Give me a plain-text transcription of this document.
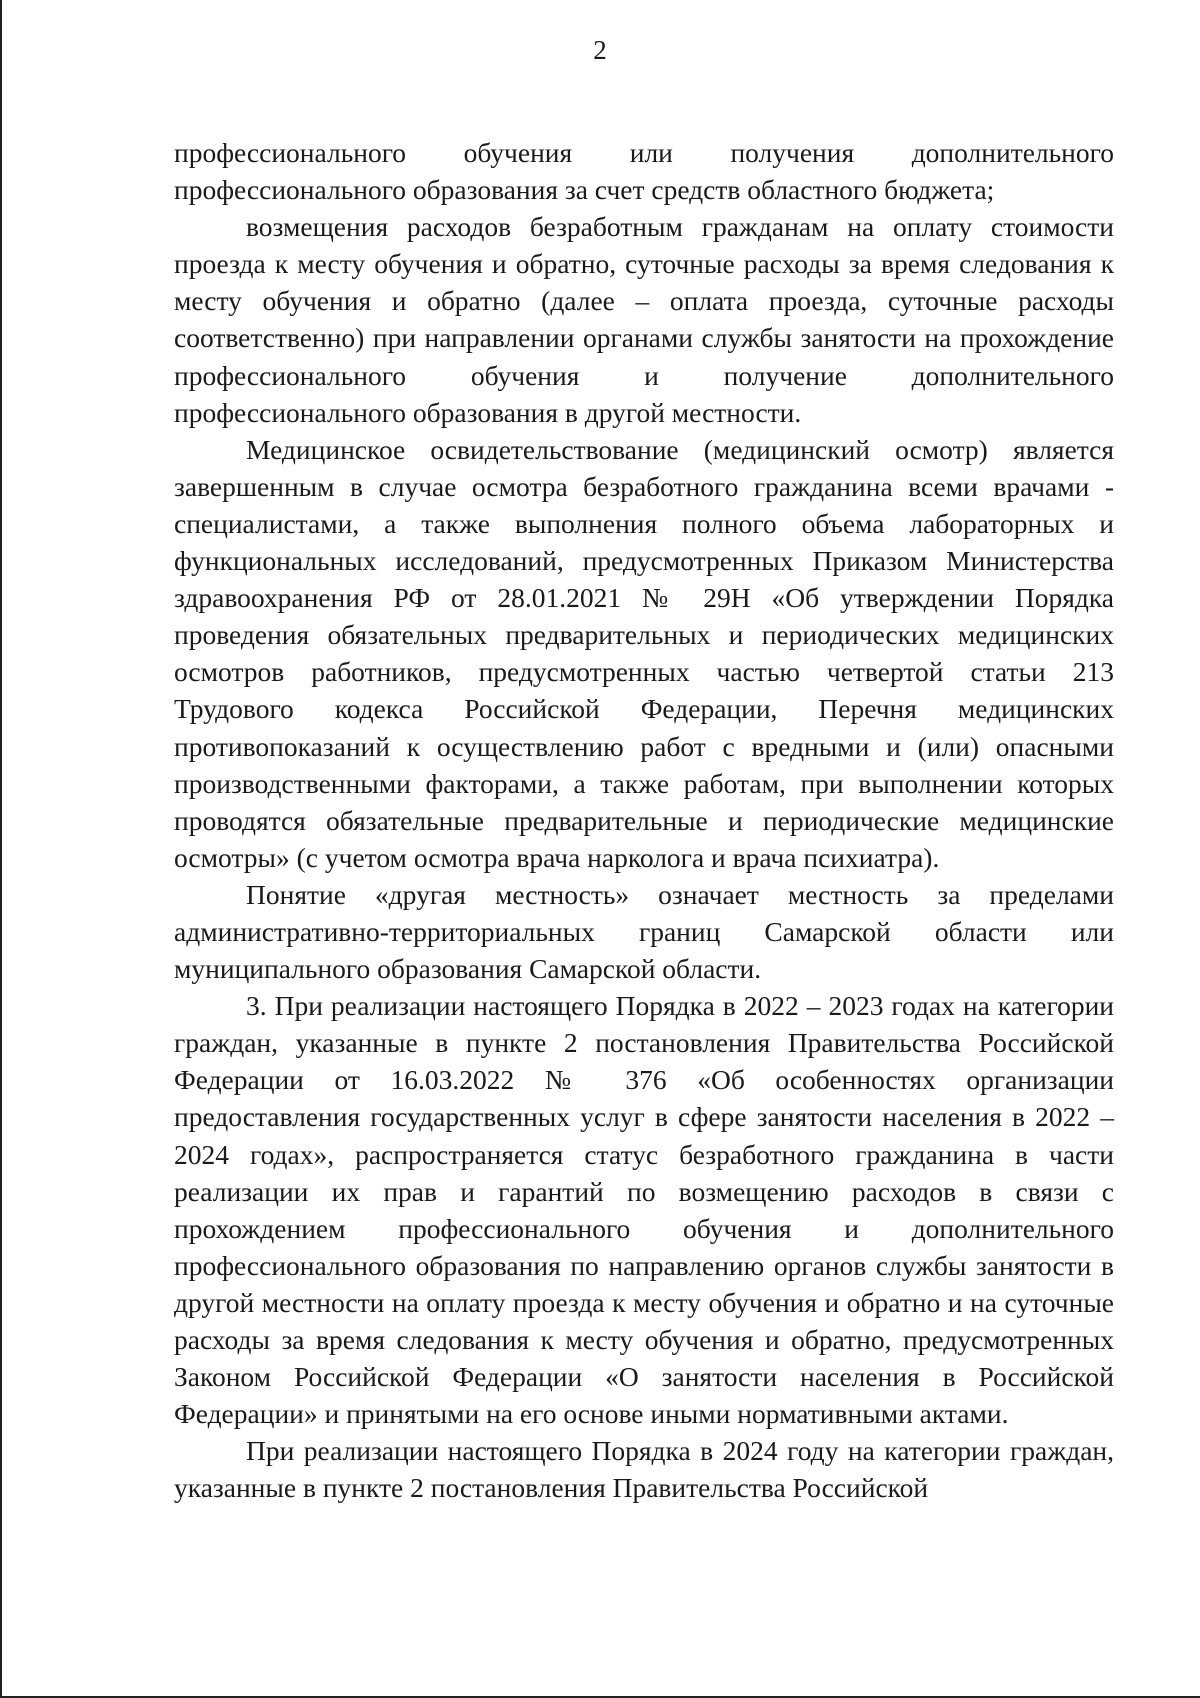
2

профессионального обучения или получения дополнительного профессионального образования за счет средств областного бюджета;

возмещения расходов безработным гражданам на оплату стоимости проезда к месту обучения и обратно, суточные расходы за время следования к месту обучения и обратно (далее – оплата проезда, суточные расходы соответственно) при направлении органами службы занятости на прохождение профессионального обучения и получение дополнительного профессионального образования в другой местности.

Медицинское освидетельствование (медицинский осмотр) является завершенным в случае осмотра безработного гражданина всеми врачами - специалистами, а также выполнения полного объема лабораторных и функциональных исследований, предусмотренных Приказом Министерства здравоохранения РФ от 28.01.2021 № 29Н «Об утверждении Порядка проведения обязательных предварительных и периодических медицинских осмотров работников, предусмотренных частью четвертой статьи 213 Трудового кодекса Российской Федерации, Перечня медицинских противопоказаний к осуществлению работ с вредными и (или) опасными производственными факторами, а также работам, при выполнении которых проводятся обязательные предварительные и периодические медицинские осмотры» (с учетом осмотра врача нарколога и врача психиатра).

Понятие «другая местность» означает местность за пределами административно-территориальных границ Самарской области или муниципального образования Самарской области.

3. При реализации настоящего Порядка в 2022 – 2023 годах на категории граждан, указанные в пункте 2 постановления Правительства Российской Федерации от 16.03.2022 № 376 «Об особенностях организации предоставления государственных услуг в сфере занятости населения в 2022 – 2024 годах», распространяется статус безработного гражданина в части реализации их прав и гарантий по возмещению расходов в связи с прохождением профессионального обучения и дополнительного профессионального образования по направлению органов службы занятости в другой местности на оплату проезда к месту обучения и обратно и на суточные расходы за время следования к месту обучения и обратно, предусмотренных Законом Российской Федерации «О занятости населения в Российской Федерации» и принятыми на его основе иными нормативными актами.

При реализации настоящего Порядка в 2024 году на категории граждан, указанные в пункте 2 постановления Правительства Российской
